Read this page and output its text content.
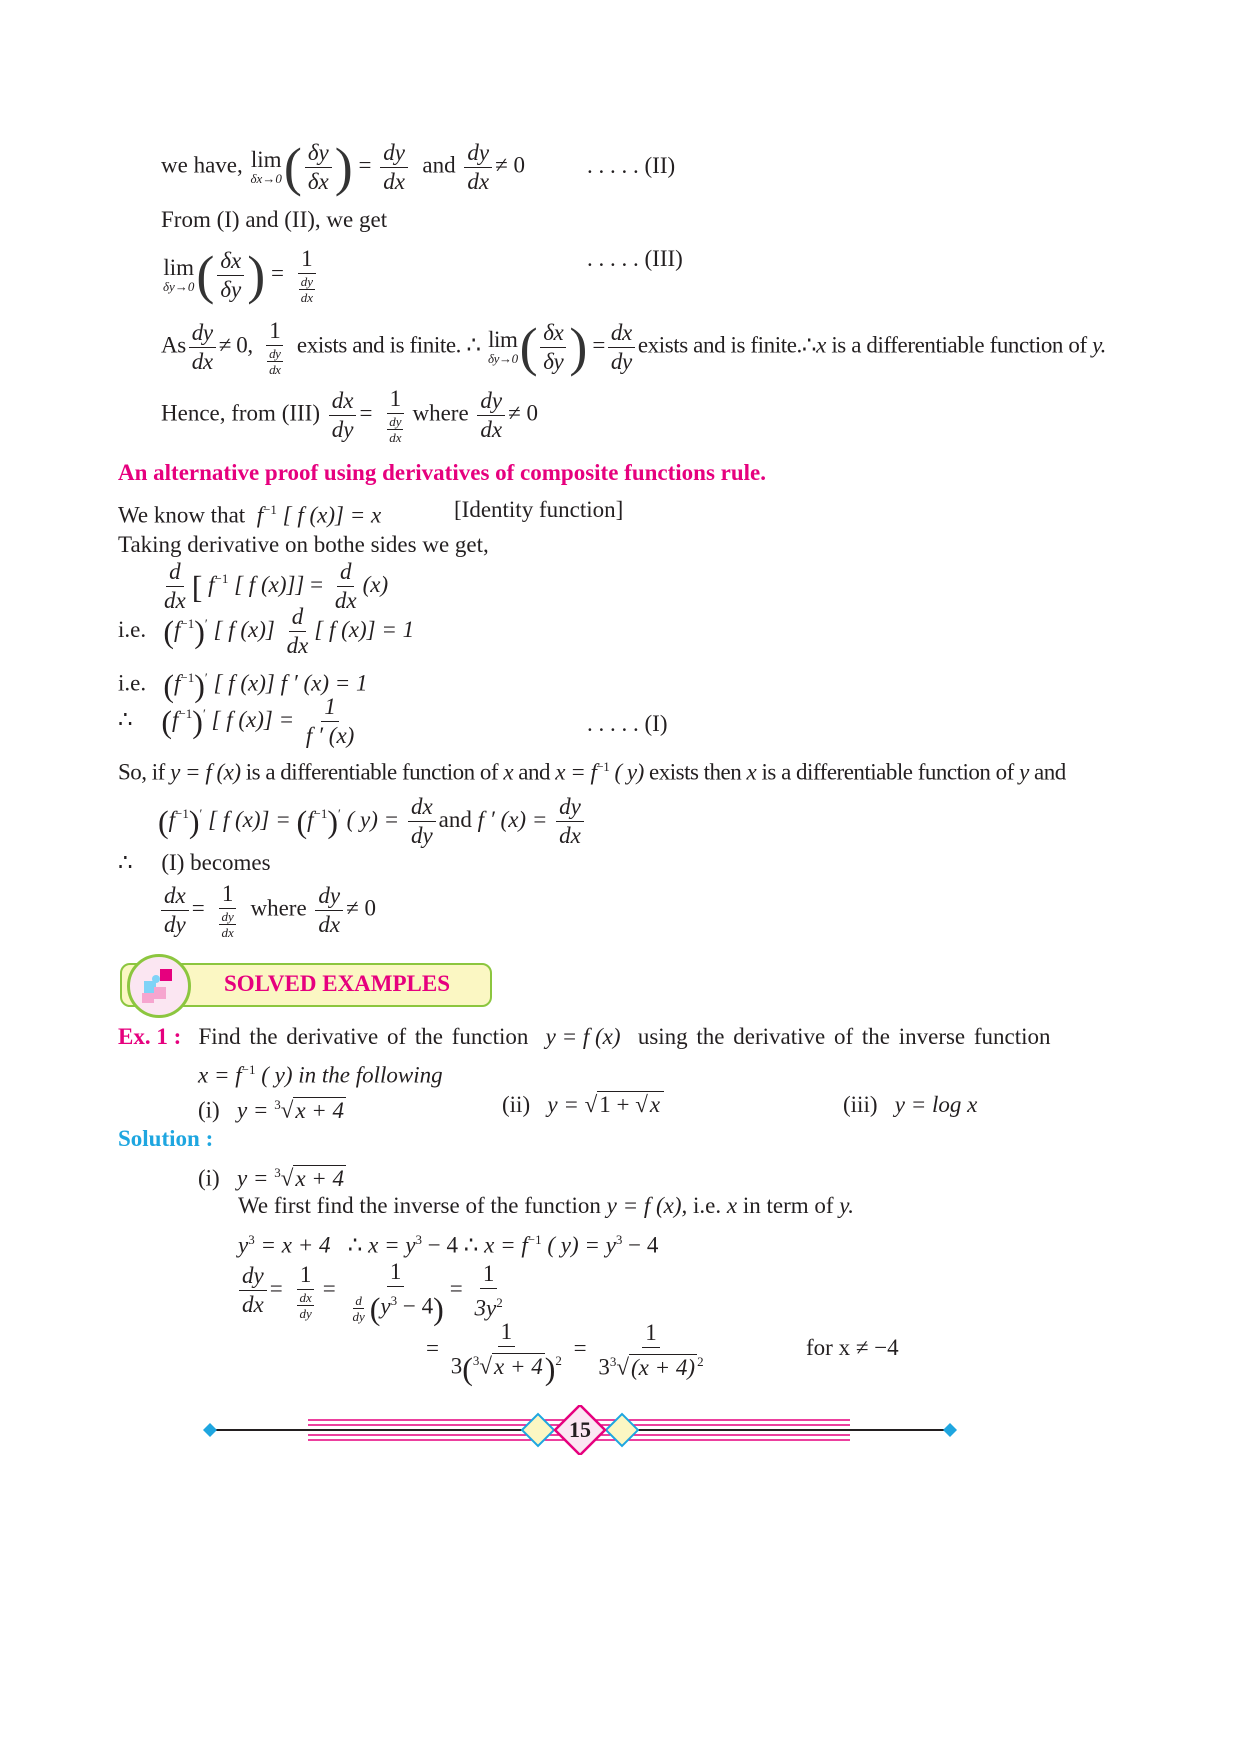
we have, lim
δx→0 ( $\frac{\delta y}{\delta x}$ ) = $\frac{dy}{dx}$ and $\frac{dy}{dx} \ne 0$	. . . . . (II)
From (I) and (II), we get
lim
δy→0 ( $\frac{\delta x}{\delta y}$ ) = $\frac{1}{\frac{dy}{dx}}$	. . . . . (III)
As $\frac{dy}{dx} \ne 0$, $\frac{1}{\frac{dy}{dx}}$ exists and is finite. ∴ lim
δy→0 ( $\frac{\delta x}{\delta y}$ ) = $\frac{dx}{dy}$ exists and is finite.∴x is a differentiable function of y.
Hence, from $(III) \frac{dx}{dy} = \frac{1}{\frac{dy}{dx}}$ where $\frac{dy}{dx} \ne 0$
An alternative proof using derivatives of composite functions rule.
We know that $f^{-1}$ [ f (x)] = x	[Identity function]
Taking derivative on bothe sides we get,
$\frac{d}{dx}$ [ $f^{-1}$ [ f $(x)]] = \frac{d}{dx} (x)$
i.e. $(f^{-1})'$ [ f $(x)] \frac{d}{dx}$ [ f (x)] = 1
i.e. $(f^{-1})'$ [ f (x)] f ′ (x) = 1
∴ $(f^{-1})'$ [ f $(x)] = \frac{1}{f ' (x)}$	. . . . . (I)
So, if y = f (x) is a differentiable function of x and $x = f^{-1}$ ( y) exists then x is a differentiable function of y and
$(f^{-1})'$ [ f $(x)] = (f^{-1})'$ ( $y) = \frac{dx}{dy}$ and f ′ $(x) = \frac{dy}{dx}$
∴ (I) becomes
$\frac{dx}{dy} = \frac{1}{\frac{dy}{dx}}$ where $\frac{dy}{dx} \ne 0$
SOLVED EXAMPLES
Ex. 1 : Find the derivative of the function y = f (x) using the derivative of the inverse function
$x = f^{-1}$ ( y) in the following
(i) y = $^3$√x + 4	(ii) y = √1 + √x	(iii) y = log x
Solution :
(i) y = $^3$√x + 4
We first find the inverse of the function y = f (x), i.e. x in term of y.
$y^3 = x + 4$ ∴ $x = y^3 - 4$ ∴ $x = f^{-1}$ ( $y) = y^3 - 4$
$\frac{dy}{dx} = \frac{1}{\frac{dx}{dy}} = \frac{1}{\frac{d}{dy} (y^3 - 4)} = \frac{1}{3y^2}$
= $\frac{1}{3(^3√x + 4)^2} = \frac{1}{3^3√(x + 4) ^2}$	for x ≠ −4
15
